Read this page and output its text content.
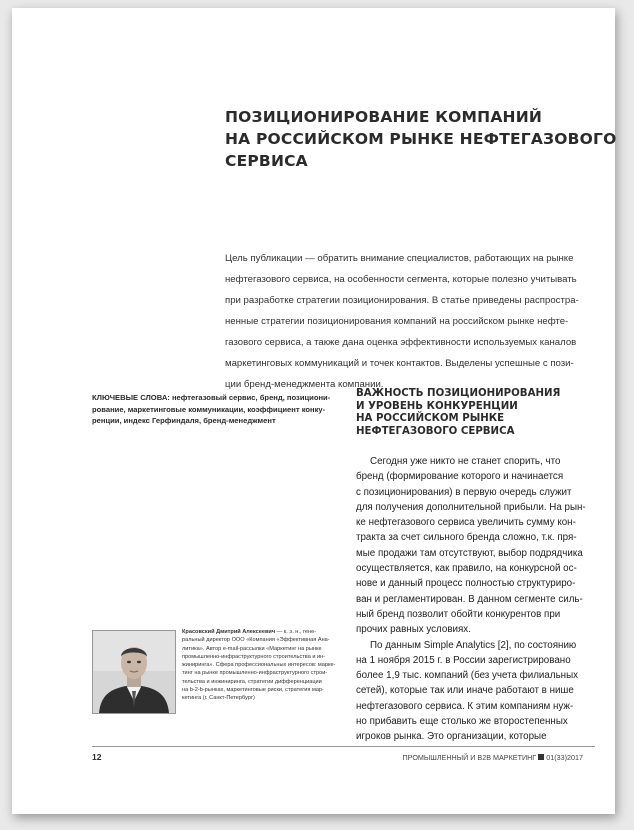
ПОЗИЦИОНИРОВАНИЕ КОМПАНИЙ
НА РОССИЙСКОМ РЫНКЕ НЕФТЕГАЗОВОГО
СЕРВИСА
Цель публикации — обратить внимание специалистов, работающих на рынке
нефтегазового сервиса, на особенности сегмента, которые полезно учитывать
при разработке стратегии позиционирования. В статье приведены распростра-
ненные стратегии позиционирования компаний на российском рынке нефте-
газового сервиса, а также дана оценка эффективности используемых каналов
маркетинговых коммуникаций и точек контактов. Выделены успешные с пози-
ции бренд-менеджмента компании.
КЛЮЧЕВЫЕ СЛОВА: нефтегазовый сервис, бренд, позициони-
рование, маркетинговые коммуникации, коэффициент конку-
ренции, индекс Герфиндаля, бренд-менеджмент
ВАЖНОСТЬ ПОЗИЦИОНИРОВАНИЯ
И УРОВЕНЬ КОНКУРЕНЦИИ
НА РОССИЙСКОМ РЫНКЕ
НЕФТЕГАЗОВОГО СЕРВИСА
Сегодня уже никто не станет спорить, что
бренд (формирование которого и начинается
с позиционирования) в первую очередь служит
для получения дополнительной прибыли. На рын-
ке нефтегазового сервиса увеличить сумму кон-
тракта за счет сильного бренда сложно, т.к. пря-
мые продажи там отсутствуют, выбор подрядчика
осуществляется, как правило, на конкурсной ос-
нове и данный процесс полностью структуриро-
ван и регламентирован. В данном сегменте силь-
ный бренд позволит обойти конкурентов при
прочих равных условиях.
По данным Simple Analytics [2], по состоянию
на 1 ноября 2015 г. в России зарегистрировано
более 1,9 тыс. компаний (без учета филиальных
сетей), которые так или иначе работают в нише
нефтегазового сервиса. К этим компаниям нуж-
но прибавить еще столько же второстепенных
игроков рынка. Это организации, которые
Красовский Дмитрий Алексеевич — к. э. н., гене-
ральный директор ООО «Компания «Эффективная Ана-
литика». Автор e-mail-рассылки «Маркетинг на рынке
промышленно-инфраструктурного строительства и ин-
жиниринга». Сфера профессиональных интересов: марке-
тинг на рынке промышленно-инфраструктурного строи-
тельства и инжиниринга, стратегии дифференциации
на b-2-b-рынках, маркетинговые риски, стратегия мар-
кетинга (г. Санкт-Петербург)
12	ПРОМЫШЛЕННЫЙ И B2B МАРКЕТИНГ 01(33)2017
